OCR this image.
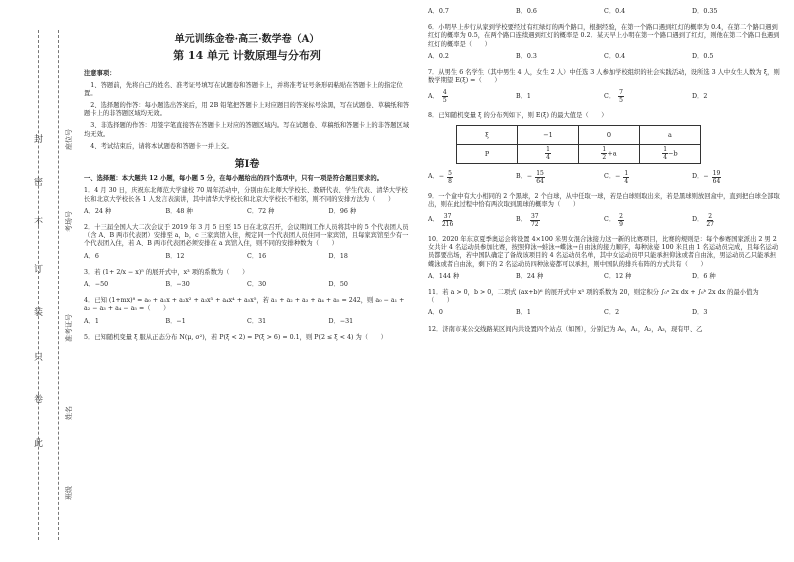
封
密
不
订
装
只
卷
此
座位号
考场号
准考证号
姓名
班级
单元训练金卷·高三·数学卷（A）
第 14 单元 计数原理与分布列
注意事项：
1、答题前，先将自己的姓名、准考证号填写在试题卷和答题卡上，并将准考证号条形码粘贴在答题卡上的指定位置。
2、选择题的作答：每小题选出答案后，用 2B 铅笔把答题卡上对应题目的答案标号涂黑，写在试题卷、草稿纸和答题卡上的非答题区域均无效。
3、非选择题的作答：用签字笔直接答在答题卡上对应的答题区域内。写在试题卷、草稿纸和答题卡上的非答题区域均无效。
4、考试结束后，请将本试题卷和答题卡一并上交。
第Ⅰ卷
一、选择题：本大题共 12 小题，每小题 5 分，在每小题给出的四个选项中，只有一项是符合题目要求的。
1．4 月 30 日，庆祝东北师范大学建校 70 周年活动中，分别由东北师大学校长、教研代表、学生代表、清华大学校长和北京大学校长各 1 人发言表演讲，其中清华大学校长和北京大学校长不相邻，则不同的安排方法为（　　）
A．24 种	B．48 种	C．72 种	D．96 种
2．十三届全国人大二次会议于 2019 年 3 月 5 日至 15 日在北京召开，会议期间工作人员将其中的 5 个代表团人员（含 A、B 两市代表团）安排至 a，b，c 三家宾馆入住，规定同一个代表团人员住同一家宾馆，且每家宾馆至少有一个代表团入住，若 A、B 两市代表团必须安排在 a 宾馆入住，则不同的安排种数为（　　）
A．6	B．12	C．16	D．18
3．若 (1+ 2/x − x)⁵ 的展开式中，x³ 项的系数为（　　）
A．−50	B．−30	C．30	D．50
4．已知 (1+mx)⁸ = a₀ + a₁x + a₂x² + a₃x³ + a₄x⁴ + a₅x⁵，若 a₁ + a₂ + a₃ + a₄ + a₅ = 242，则 a₀ − a₁ + a₂ − a₃ + a₄ − a₅ =（　　）
A．1	B．−1	C．31	D．−31
5．已知随机变量 ξ 服从正态分布 N(μ, σ²)，若 P(ξ < 2) = P(ξ > 6) = 0.1，则 P(2 ≤ ξ < 4) 为（　　）
A．0.7	B．0.6	C．0.4	D．0.35
6．小明早上步行从家到学校要经过有红绿灯的两个路口，根据经验，在第一个路口遇到红灯的概率为 0.4，在第二个路口遇到红灯的概率为 0.5，在两个路口连续遇到红灯的概率是 0.2．某天早上小明在第一个路口遇到了红灯，则他在第二个路口也遇到红灯的概率是（　　）
A．0.2	B．0.3	C．0.4	D．0.5
7．从男生 6 名学生（其中男生 4 人，女生 2 人）中任选 3 人参加学校组织的社会实践活动，设所选 3 人中女生人数为 ξ，则数学期望 E(ξ) =（　　）
A． $\frac{4}{5}$	B．1	C． $\frac{7}{5}$	D．2
8．已知随机变量 ξ 的分布列如下，则 E(ξ) 的最大值是（　　）
ξ	−1	0	a
P	$\frac{1}{4}$	$\frac{1}{2} +a$	$\frac{1}{4} -b$
A．− $\frac{5}{8}$	B．− $\frac{15}{64}$	C．− $\frac{1}{4}$	D．− $\frac{19}{64}$
9．一个盒中有大小相同的 2 个黑球，2 个白球，从中任取一球，若是白球则取出来，若是黑球则放回盒中，直到把白球全部取出，则在此过程中恰有两次取到黑球的概率为（　　）
A． $\frac{37}{216}$	B． $\frac{37}{72}$	C． $\frac{2}{9}$	D． $\frac{2}{27}$
10．2020 年东京夏季奥运会将设置 4×100 米男女混合泳接力这一新的比赛项目，比赛的规则是：每个参赛国家派出 2 男 2 女共计 4 名运动员参加比赛，按照仰泳→蛙泳→蝶泳→自由泳的接力顺序，每种泳姿 100 米且由 1 名运动员完成，且每名运动员都要出场，若中国队确定了备战该项目的 4 名运动员名单，其中女运动员甲只能承担仰泳或者自由泳，男运动员乙只能承担蝶泳或者自由泳，剩下的 2 名运动员四种泳姿都可以承担，则中国队的排兵布阵的方式共有（　　）
A．144 种	B．24 种	C．12 种	D．6 种
11．若 a > 0，b > 0，二项式 (ax+b)⁶ 的展开式中 x³ 项的系数为 20，则定积分 ∫₀ᵃ 2x dx + ∫₀ᵇ 2x dx 的最小值为（　　）
A．0	B．1	C．2	D．3
12．济南市某公交线路某区间内共设置四个站点（如图），分别记为 A₀，A₁，A₂，A₃，现有甲、乙
